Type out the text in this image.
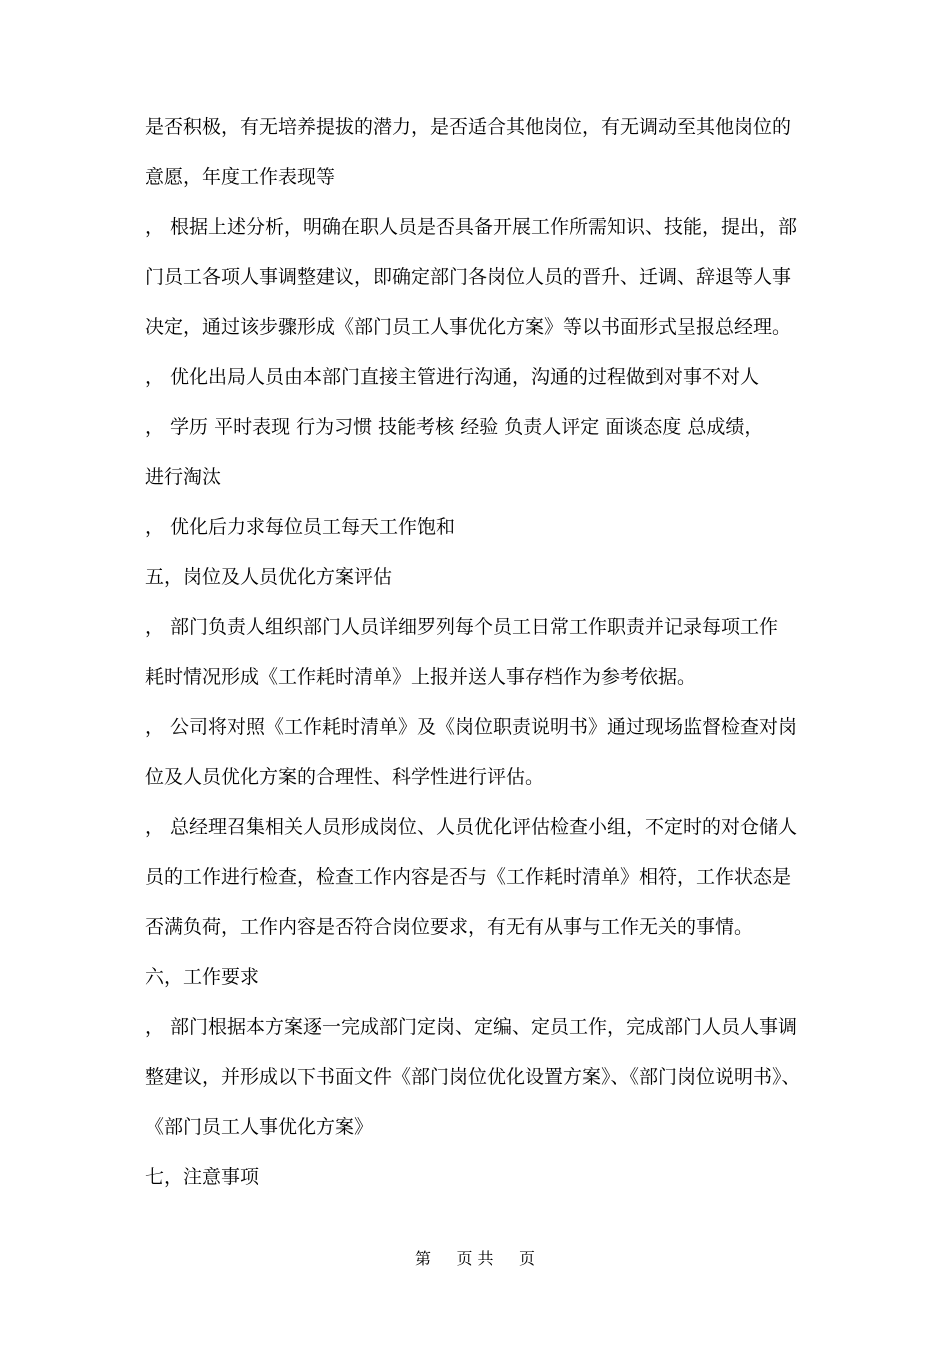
是否积极，有无培养提拔的潜力，是否适合其他岗位，有无调动至其他岗位的
意愿，年度工作表现等
， 根据上述分析，明确在职人员是否具备开展工作所需知识、技能，提出，部
门员工各项人事调整建议，即确定部门各岗位人员的晋升、迁调、辞退等人事
决定，通过该步骤形成《部门员工人事优化方案》等以书面形式呈报总经理。
， 优化出局人员由本部门直接主管进行沟通，沟通的过程做到对事不对人
， 学历 平时表现 行为习惯 技能考核 经验 负责人评定 面谈态度 总成绩，
进行淘汰
， 优化后力求每位员工每天工作饱和
五，岗位及人员优化方案评估
， 部门负责人组织部门人员详细罗列每个员工日常工作职责并记录每项工作
耗时情况形成《工作耗时清单》上报并送人事存档作为参考依据。
， 公司将对照《工作耗时清单》及《岗位职责说明书》通过现场监督检查对岗
位及人员优化方案的合理性、科学性进行评估。
， 总经理召集相关人员形成岗位、人员优化评估检查小组，不定时的对仓储人
员的工作进行检查，检查工作内容是否与《工作耗时清单》相符，工作状态是
否满负荷，工作内容是否符合岗位要求，有无有从事与工作无关的事情。
六，工作要求
， 部门根据本方案逐一完成部门定岗、定编、定员工作，完成部门人员人事调
整建议，并形成以下书面文件《部门岗位优化设置方案》、《部门岗位说明书》、
《部门员工人事优化方案》
七，注意事项
第     页 共     页
